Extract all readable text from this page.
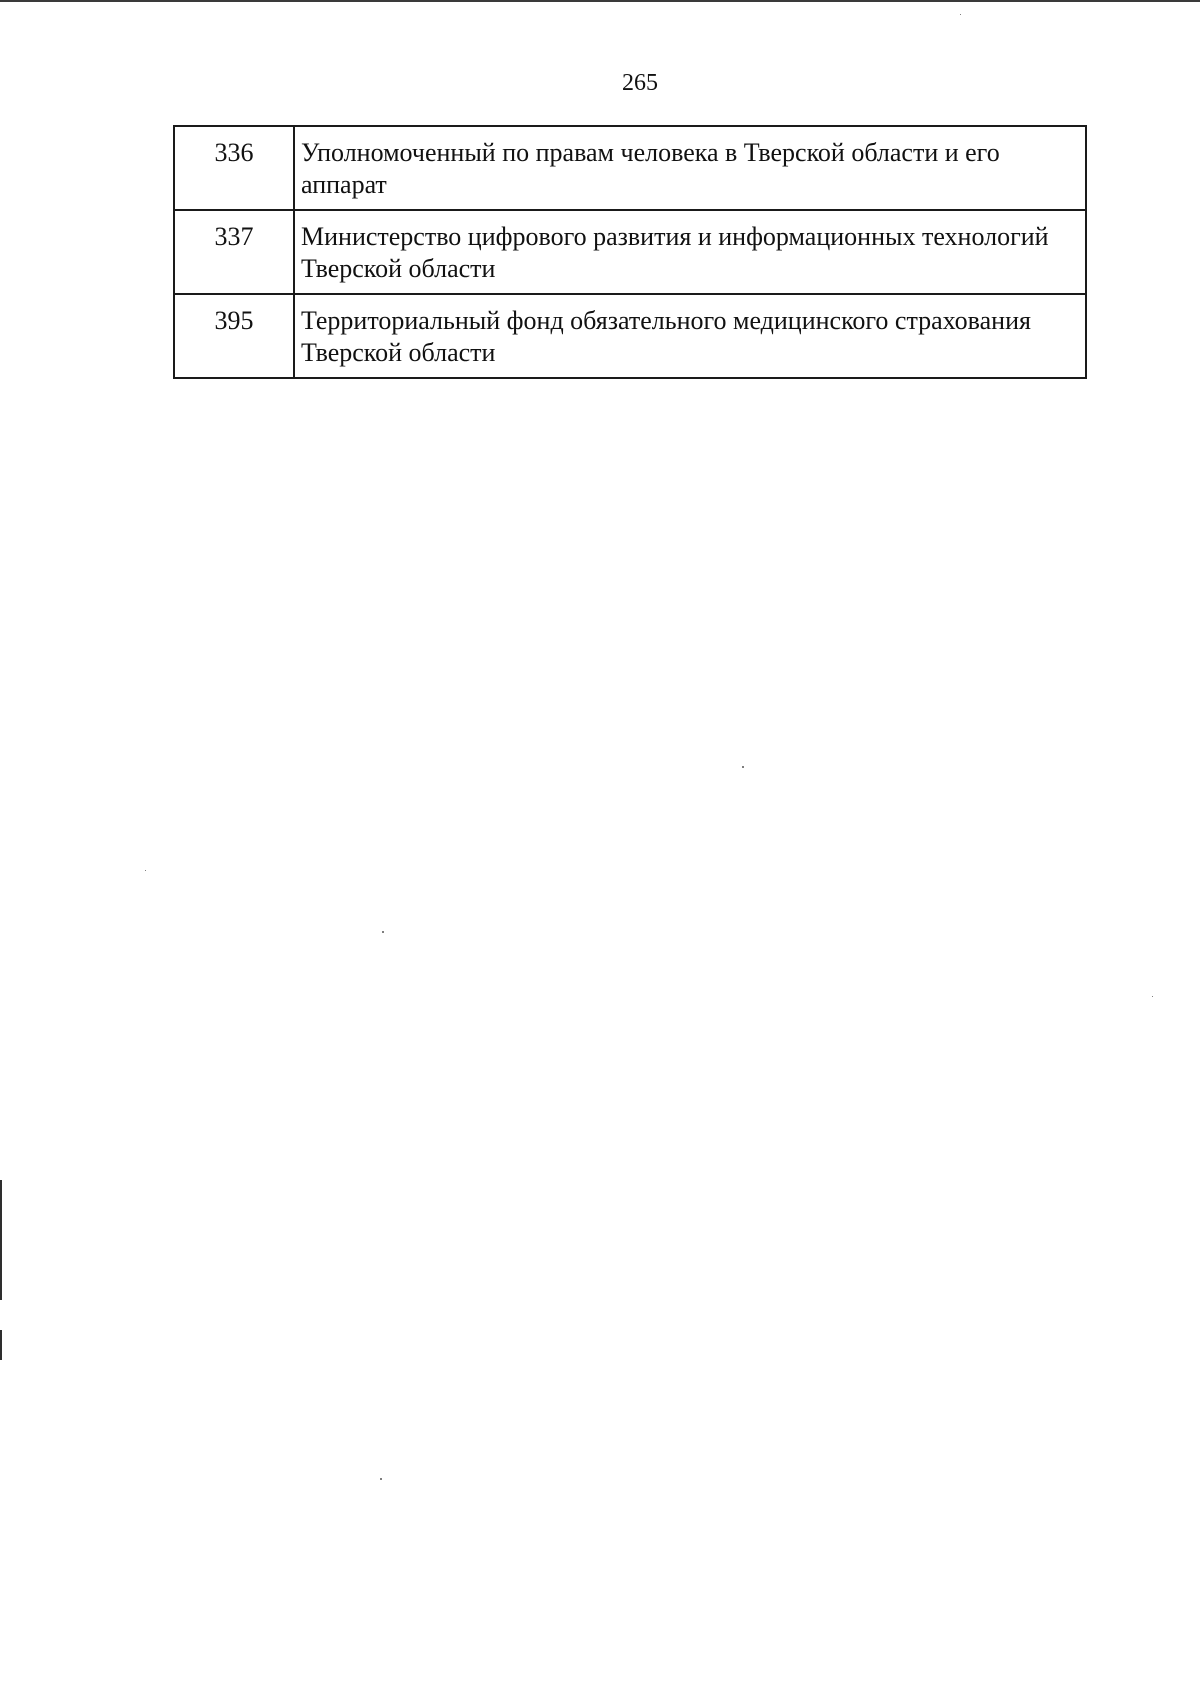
265
336	Уполномоченный по правам человека в Тверской области и его аппарат
337	Министерство цифрового развития и информационных технологий Тверской области
395	Территориальный фонд обязательного медицинского страхования Тверской области
